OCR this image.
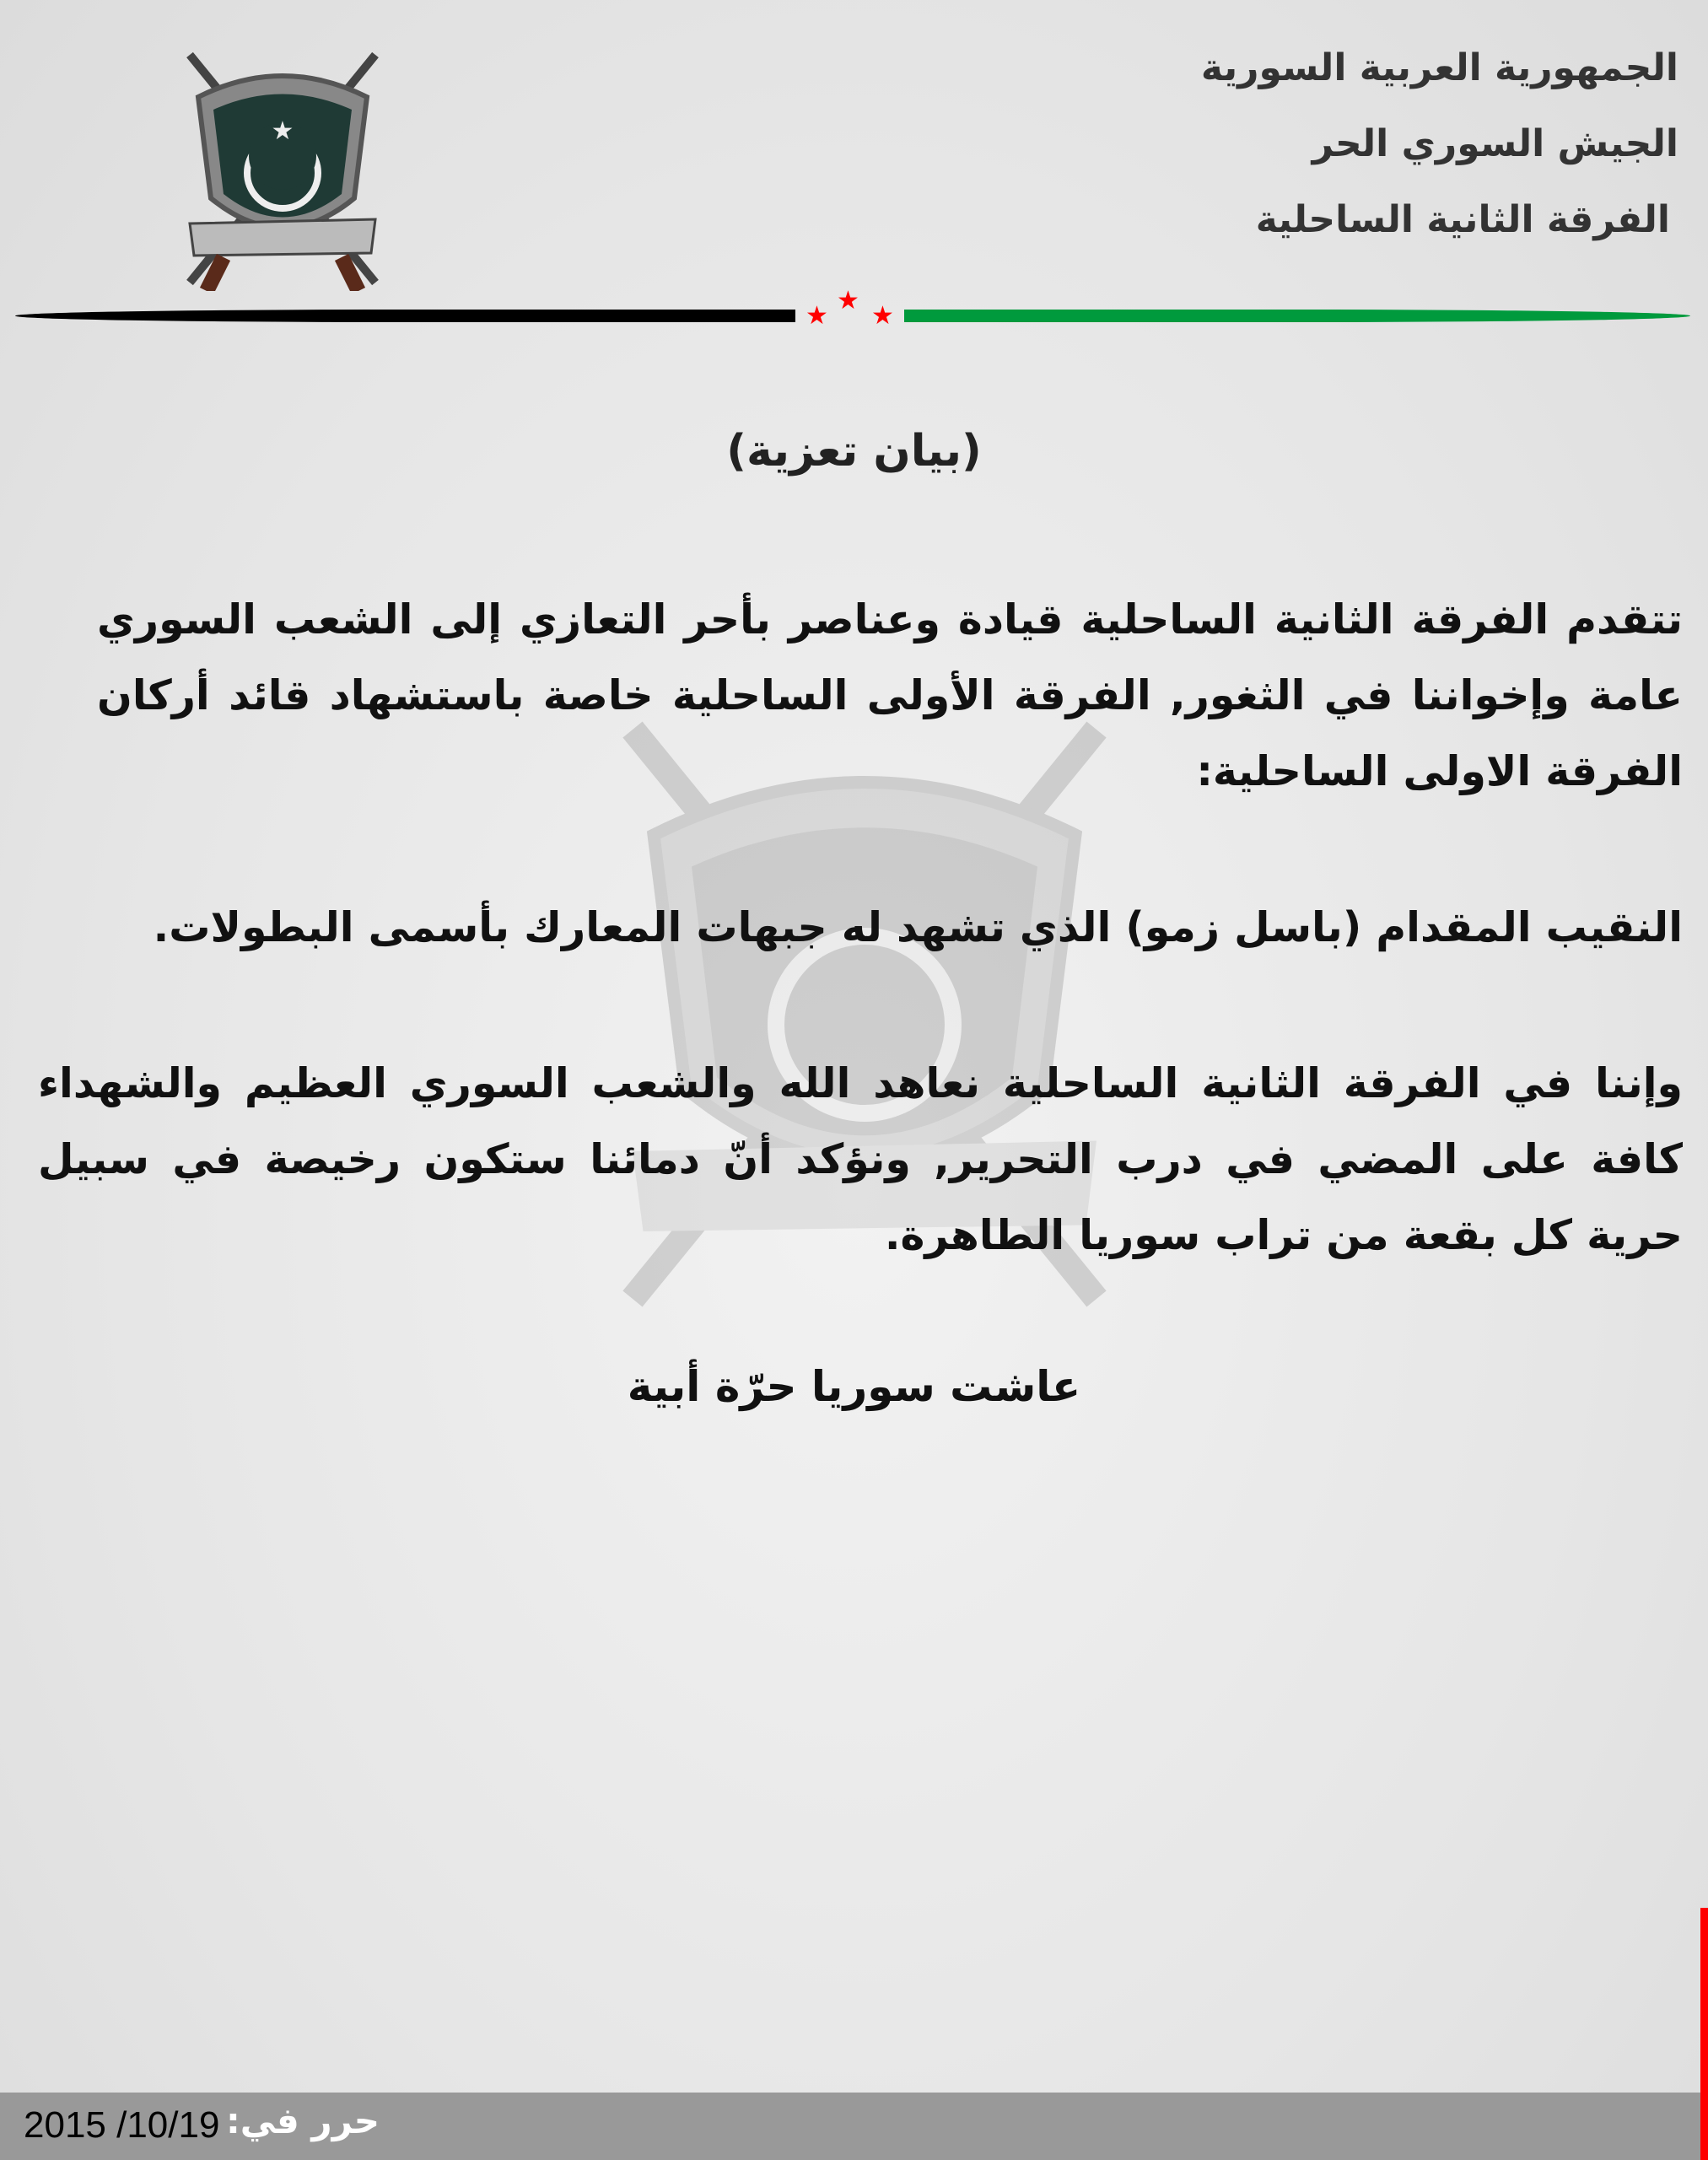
الجمهورية العربية السورية
الجيش السوري الحر
الفرقة الثانية الساحلية
★
★
★
★
(بيان تعزية)
تتقدم الفرقة الثانية الساحلية قيادة وعناصر بأحر التعازي إلى الشعب السوري عامة وإخواننا في الثغور, الفرقة الأولى الساحلية خاصة باستشهاد قائد أركان الفرقة الاولى الساحلية:
النقيب المقدام (باسل زمو) الذي تشهد له جبهات المعارك بأسمى البطولات.
وإننا في الفرقة الثانية الساحلية نعاهد الله والشعب السوري العظيم والشهداء كافة على المضي في درب التحرير, ونؤكد أنّ دمائنا ستكون رخيصة في سبيل حرية كل بقعة من تراب سوريا الطاهرة.
عاشت سوريا حرّة أبية
2015 /10/19 حرر في:
